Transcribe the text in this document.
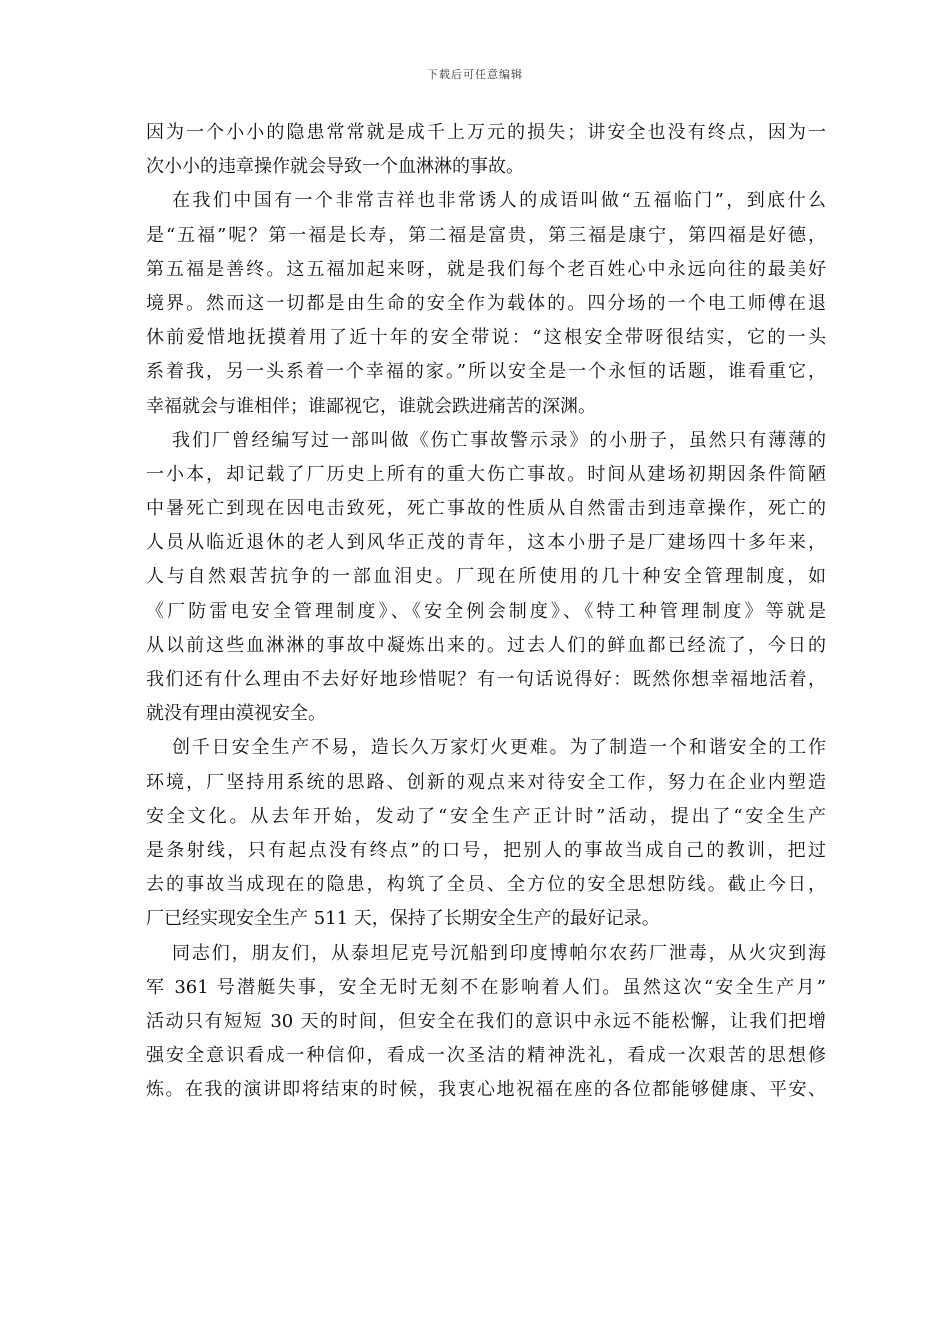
下载后可任意编辑
因为一个小小的隐患常常就是成千上万元的损失；讲安全也没有终点，因为一
次小小的违章操作就会导致一个血淋淋的事故。
在我们中国有一个非常吉祥也非常诱人的成语叫做“五福临门”，到底什么
是“五福”呢？第一福是长寿，第二福是富贵，第三福是康宁，第四福是好德，
第五福是善终。这五福加起来呀，就是我们每个老百姓心中永远向往的最美好
境界。然而这一切都是由生命的安全作为载体的。四分场的一个电工师傅在退
休前爱惜地抚摸着用了近十年的安全带说：“这根安全带呀很结实，它的一头
系着我，另一头系着一个幸福的家。”所以安全是一个永恒的话题，谁看重它，
幸福就会与谁相伴；谁鄙视它，谁就会跌进痛苦的深渊。
我们厂曾经编写过一部叫做《伤亡事故警示录》的小册子，虽然只有薄薄的
一小本，却记载了厂历史上所有的重大伤亡事故。时间从建场初期因条件简陋
中暑死亡到现在因电击致死，死亡事故的性质从自然雷击到违章操作，死亡的
人员从临近退休的老人到风华正茂的青年，这本小册子是厂建场四十多年来，
人与自然艰苦抗争的一部血泪史。厂现在所使用的几十种安全管理制度，如
《厂防雷电安全管理制度》、《安全例会制度》、《特工种管理制度》等就是
从以前这些血淋淋的事故中凝炼出来的。过去人们的鲜血都已经流了，今日的
我们还有什么理由不去好好地珍惜呢？有一句话说得好：既然你想幸福地活着，
就没有理由漠视安全。
创千日安全生产不易，造长久万家灯火更难。为了制造一个和谐安全的工作
环境，厂坚持用系统的思路、创新的观点来对待安全工作，努力在企业内塑造
安全文化。从去年开始，发动了“安全生产正计时”活动，提出了“安全生产
是条射线，只有起点没有终点”的口号，把别人的事故当成自己的教训，把过
去的事故当成现在的隐患，构筑了全员、全方位的安全思想防线。截止今日，
厂已经实现安全生产 511 天，保持了长期安全生产的最好记录。
同志们，朋友们，从泰坦尼克号沉船到印度博帕尔农药厂泄毒，从火灾到海
军 361 号潜艇失事，安全无时无刻不在影响着人们。虽然这次“安全生产月”
活动只有短短 30 天的时间，但安全在我们的意识中永远不能松懈，让我们把增
强安全意识看成一种信仰，看成一次圣洁的精神洗礼，看成一次艰苦的思想修
炼。在我的演讲即将结束的时候，我衷心地祝福在座的各位都能够健康、平安、
